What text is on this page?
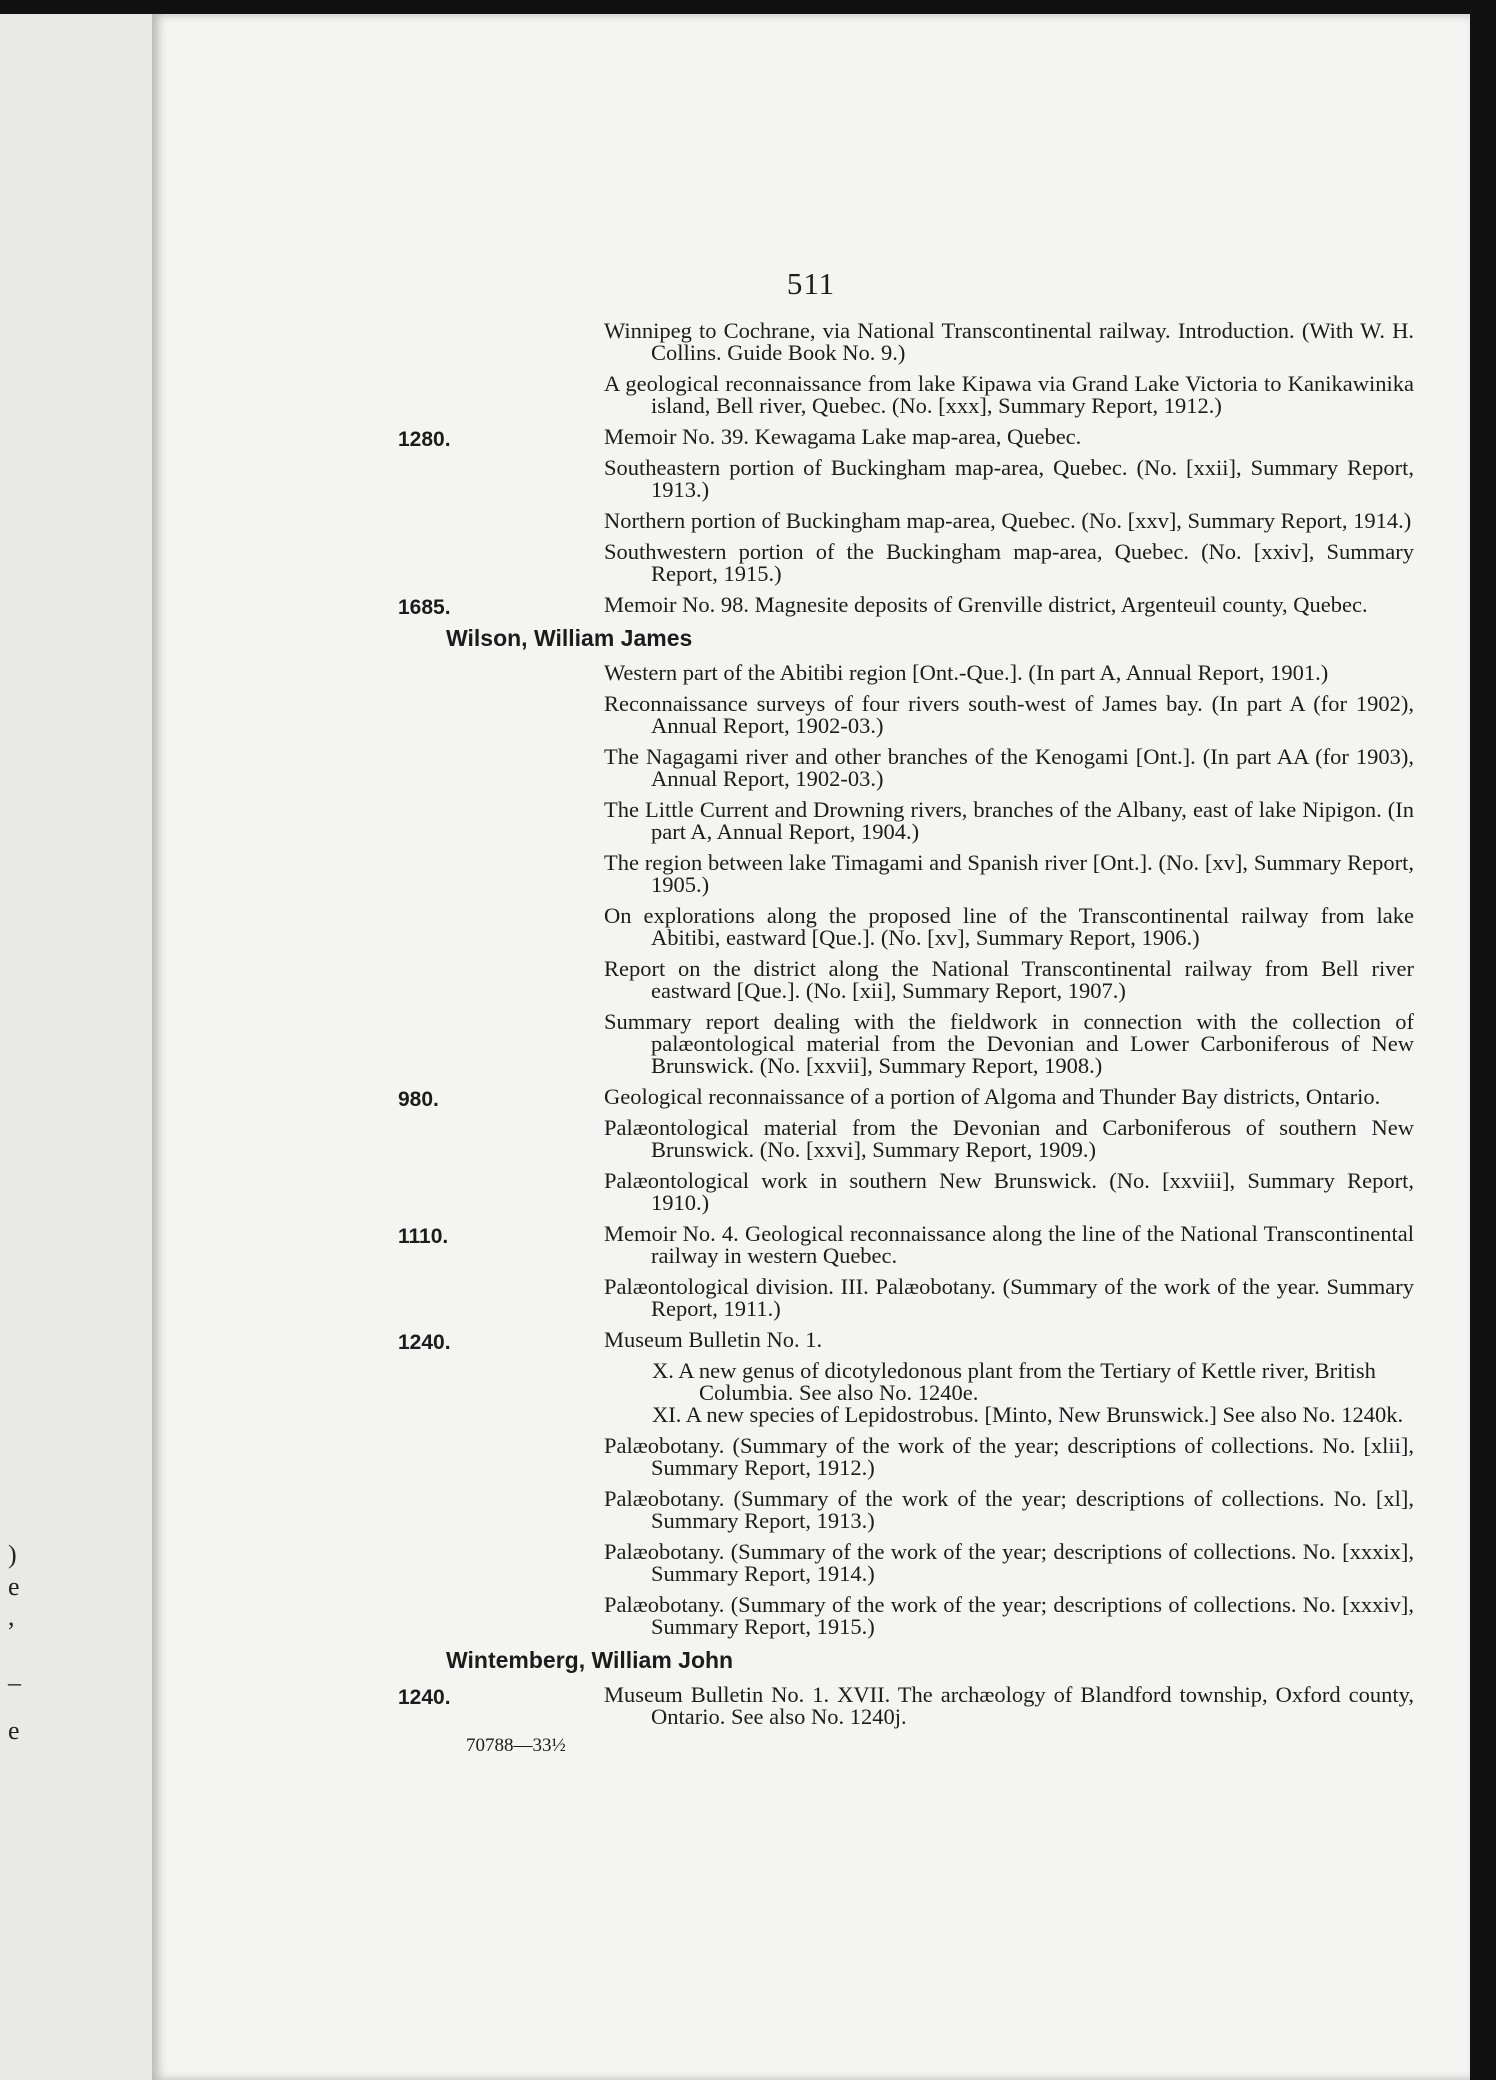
)
e
,
–
e
511
Winnipeg to Cochrane, via National Transcontinental railway. Introduction. (With W. H. Collins. Guide Book No. 9.)
A geological reconnaissance from lake Kipawa via Grand Lake Victoria to Kanikawinika island, Bell river, Quebec. (No. [xxx], Summary Report, 1912.)
1280.	Memoir No. 39. Kewagama Lake map-area, Quebec.
Southeastern portion of Buckingham map-area, Quebec. (No. [xxii], Summary Report, 1913.)
Northern portion of Buckingham map-area, Quebec. (No. [xxv], Summary Report, 1914.)
Southwestern portion of the Buckingham map-area, Quebec. (No. [xxiv], Summary Report, 1915.)
1685.	Memoir No. 98. Magnesite deposits of Grenville district, Argenteuil county, Quebec.
Wilson, William James
Western part of the Abitibi region [Ont.-Que.]. (In part A, Annual Report, 1901.)
Reconnaissance surveys of four rivers south-west of James bay. (In part A (for 1902), Annual Report, 1902-03.)
The Nagagami river and other branches of the Kenogami [Ont.]. (In part AA (for 1903), Annual Report, 1902-03.)
The Little Current and Drowning rivers, branches of the Albany, east of lake Nipigon. (In part A, Annual Report, 1904.)
The region between lake Timagami and Spanish river [Ont.]. (No. [xv], Summary Report, 1905.)
On explorations along the proposed line of the Transcontinental railway from lake Abitibi, eastward [Que.]. (No. [xv], Summary Report, 1906.)
Report on the district along the National Transcontinental railway from Bell river eastward [Que.]. (No. [xii], Summary Report, 1907.)
Summary report dealing with the fieldwork in connection with the collection of palæontological material from the Devonian and Lower Carboniferous of New Brunswick. (No. [xxvii], Summary Report, 1908.)
980.	Geological reconnaissance of a portion of Algoma and Thunder Bay districts, Ontario.
Palæontological material from the Devonian and Carboniferous of southern New Brunswick. (No. [xxvi], Summary Report, 1909.)
Palæontological work in southern New Brunswick. (No. [xxviii], Summary Report, 1910.)
1110.	Memoir No. 4. Geological reconnaissance along the line of the National Transcontinental railway in western Quebec.
Palæontological division. III. Palæobotany. (Summary of the work of the year. Summary Report, 1911.)
1240.	Museum Bulletin No. 1.
X. A new genus of dicotyledonous plant from the Tertiary of Kettle river, British Columbia. See also No. 1240e.
XI. A new species of Lepidostrobus. [Minto, New Brunswick.] See also No. 1240k.
Palæobotany. (Summary of the work of the year; descriptions of collections. No. [xlii], Summary Report, 1912.)
Palæobotany. (Summary of the work of the year; descriptions of collections. No. [xl], Summary Report, 1913.)
Palæobotany. (Summary of the work of the year; descriptions of collections. No. [xxxix], Summary Report, 1914.)
Palæobotany. (Summary of the work of the year; descriptions of collections. No. [xxxiv], Summary Report, 1915.)
Wintemberg, William John
1240.	Museum Bulletin No. 1. XVII. The archæology of Blandford township, Oxford county, Ontario. See also No. 1240j.
70788—33½
